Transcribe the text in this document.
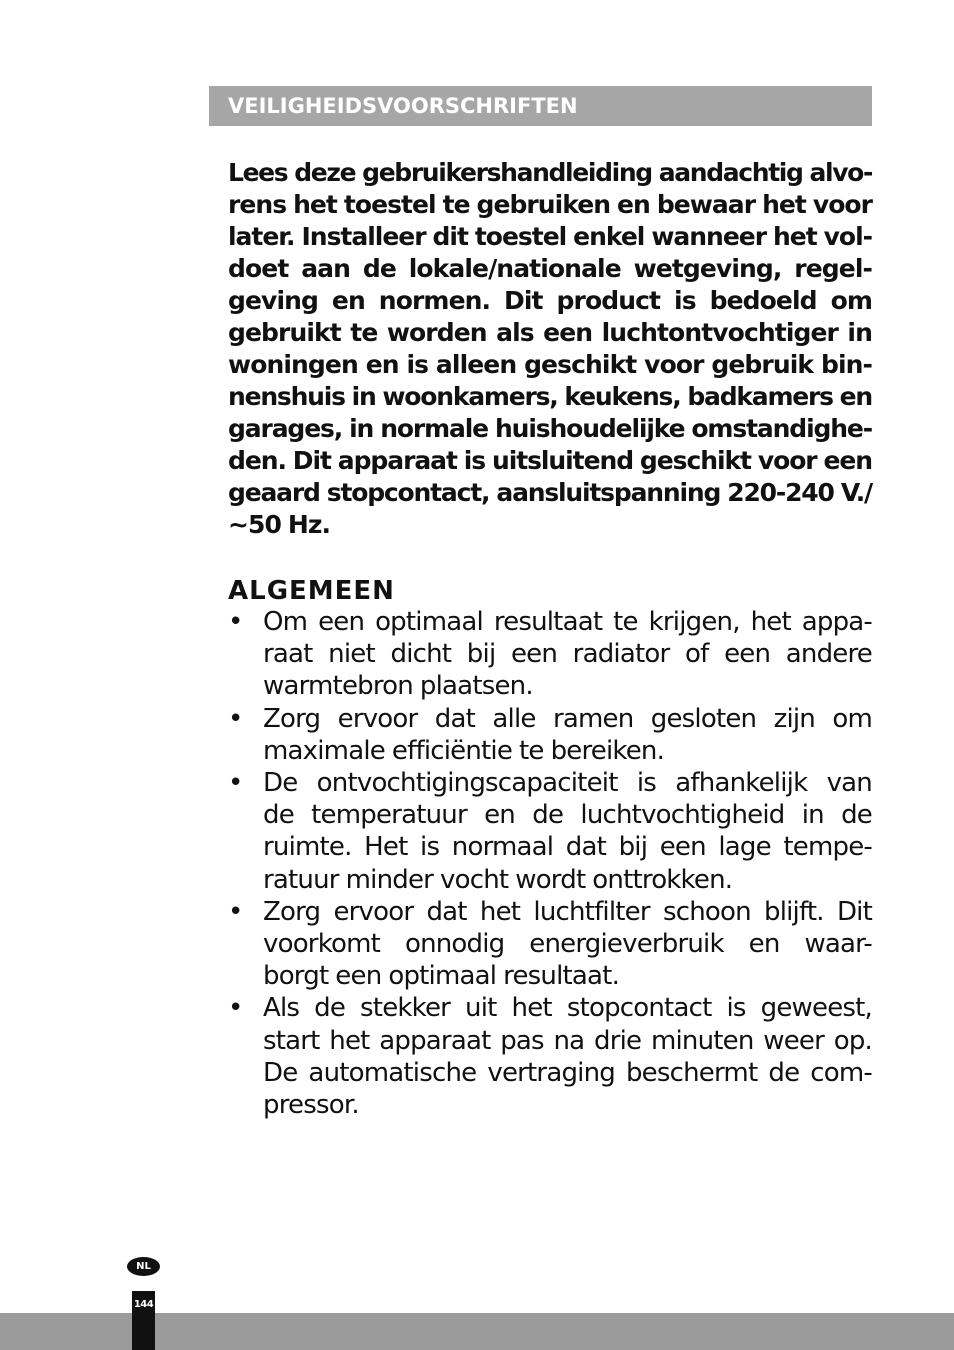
VEILIGHEIDSVOORSCHRIFTEN
Lees deze gebruikershandleiding aandachtig alvo-
rens het toestel te gebruiken en bewaar het voor
later. Installeer dit toestel enkel wanneer het vol-
doet aan de lokale/nationale wetgeving, regel-
geving en normen. Dit product is bedoeld om
gebruikt te worden als een luchtontvochtiger in
woningen en is alleen geschikt voor gebruik bin-
nenshuis in woonkamers, keukens, badkamers en
garages, in normale huishoudelijke omstandighe-
den. Dit apparaat is uitsluitend geschikt voor een
geaard stopcontact, aansluitspanning 220-240 V./
~50 Hz.
ALGEMEEN
• Om een optimaal resultaat te krijgen, het appa-
raat niet dicht bij een radiator of een andere
warmtebron plaatsen.
• Zorg ervoor dat alle ramen gesloten zijn om
maximale efficiëntie te bereiken.
• De ontvochtigingscapaciteit is afhankelijk van
de temperatuur en de luchtvochtigheid in de
ruimte. Het is normaal dat bij een lage tempe-
ratuur minder vocht wordt onttrokken.
• Zorg ervoor dat het luchtfilter schoon blijft. Dit
voorkomt onnodig energieverbruik en waar-
borgt een optimaal resultaat.
• Als de stekker uit het stopcontact is geweest,
start het apparaat pas na drie minuten weer op.
De automatische vertraging beschermt de com-
pressor.
NL
144
